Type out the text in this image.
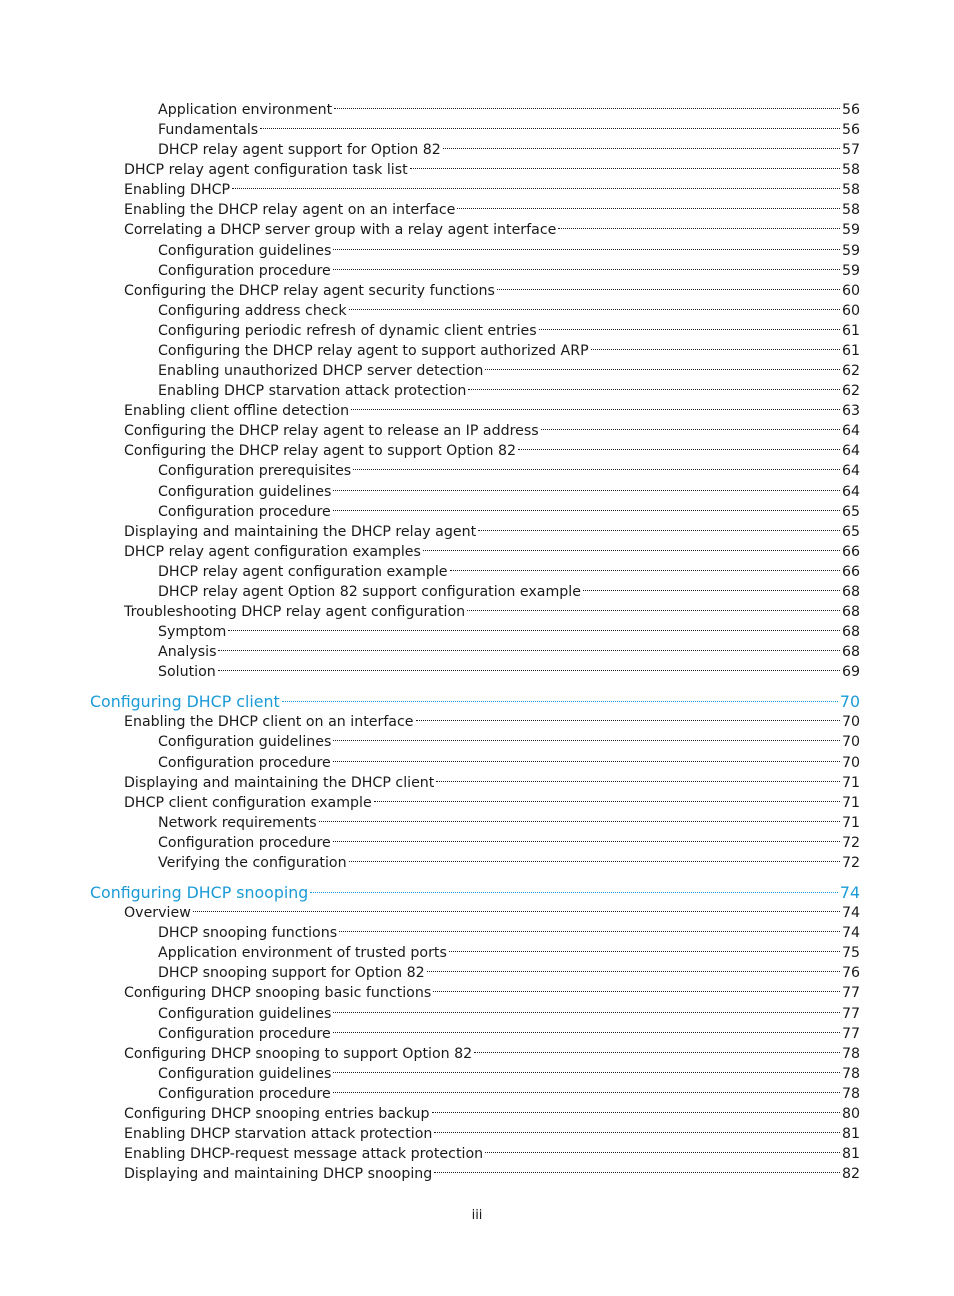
Application environment	56
Fundamentals	56
DHCP relay agent support for Option 82	57
DHCP relay agent configuration task list	58
Enabling DHCP	58
Enabling the DHCP relay agent on an interface	58
Correlating a DHCP server group with a relay agent interface	59
Configuration guidelines	59
Configuration procedure	59
Configuring the DHCP relay agent security functions	60
Configuring address check	60
Configuring periodic refresh of dynamic client entries	61
Configuring the DHCP relay agent to support authorized ARP	61
Enabling unauthorized DHCP server detection	62
Enabling DHCP starvation attack protection	62
Enabling client offline detection	63
Configuring the DHCP relay agent to release an IP address	64
Configuring the DHCP relay agent to support Option 82	64
Configuration prerequisites	64
Configuration guidelines	64
Configuration procedure	65
Displaying and maintaining the DHCP relay agent	65
DHCP relay agent configuration examples	66
DHCP relay agent configuration example	66
DHCP relay agent Option 82 support configuration example	68
Troubleshooting DHCP relay agent configuration	68
Symptom	68
Analysis	68
Solution	69
Configuring DHCP client	70
Enabling the DHCP client on an interface	70
Configuration guidelines	70
Configuration procedure	70
Displaying and maintaining the DHCP client	71
DHCP client configuration example	71
Network requirements	71
Configuration procedure	72
Verifying the configuration	72
Configuring DHCP snooping	74
Overview	74
DHCP snooping functions	74
Application environment of trusted ports	75
DHCP snooping support for Option 82	76
Configuring DHCP snooping basic functions	77
Configuration guidelines	77
Configuration procedure	77
Configuring DHCP snooping to support Option 82	78
Configuration guidelines	78
Configuration procedure	78
Configuring DHCP snooping entries backup	80
Enabling DHCP starvation attack protection	81
Enabling DHCP-request message attack protection	81
Displaying and maintaining DHCP snooping	82
iii
